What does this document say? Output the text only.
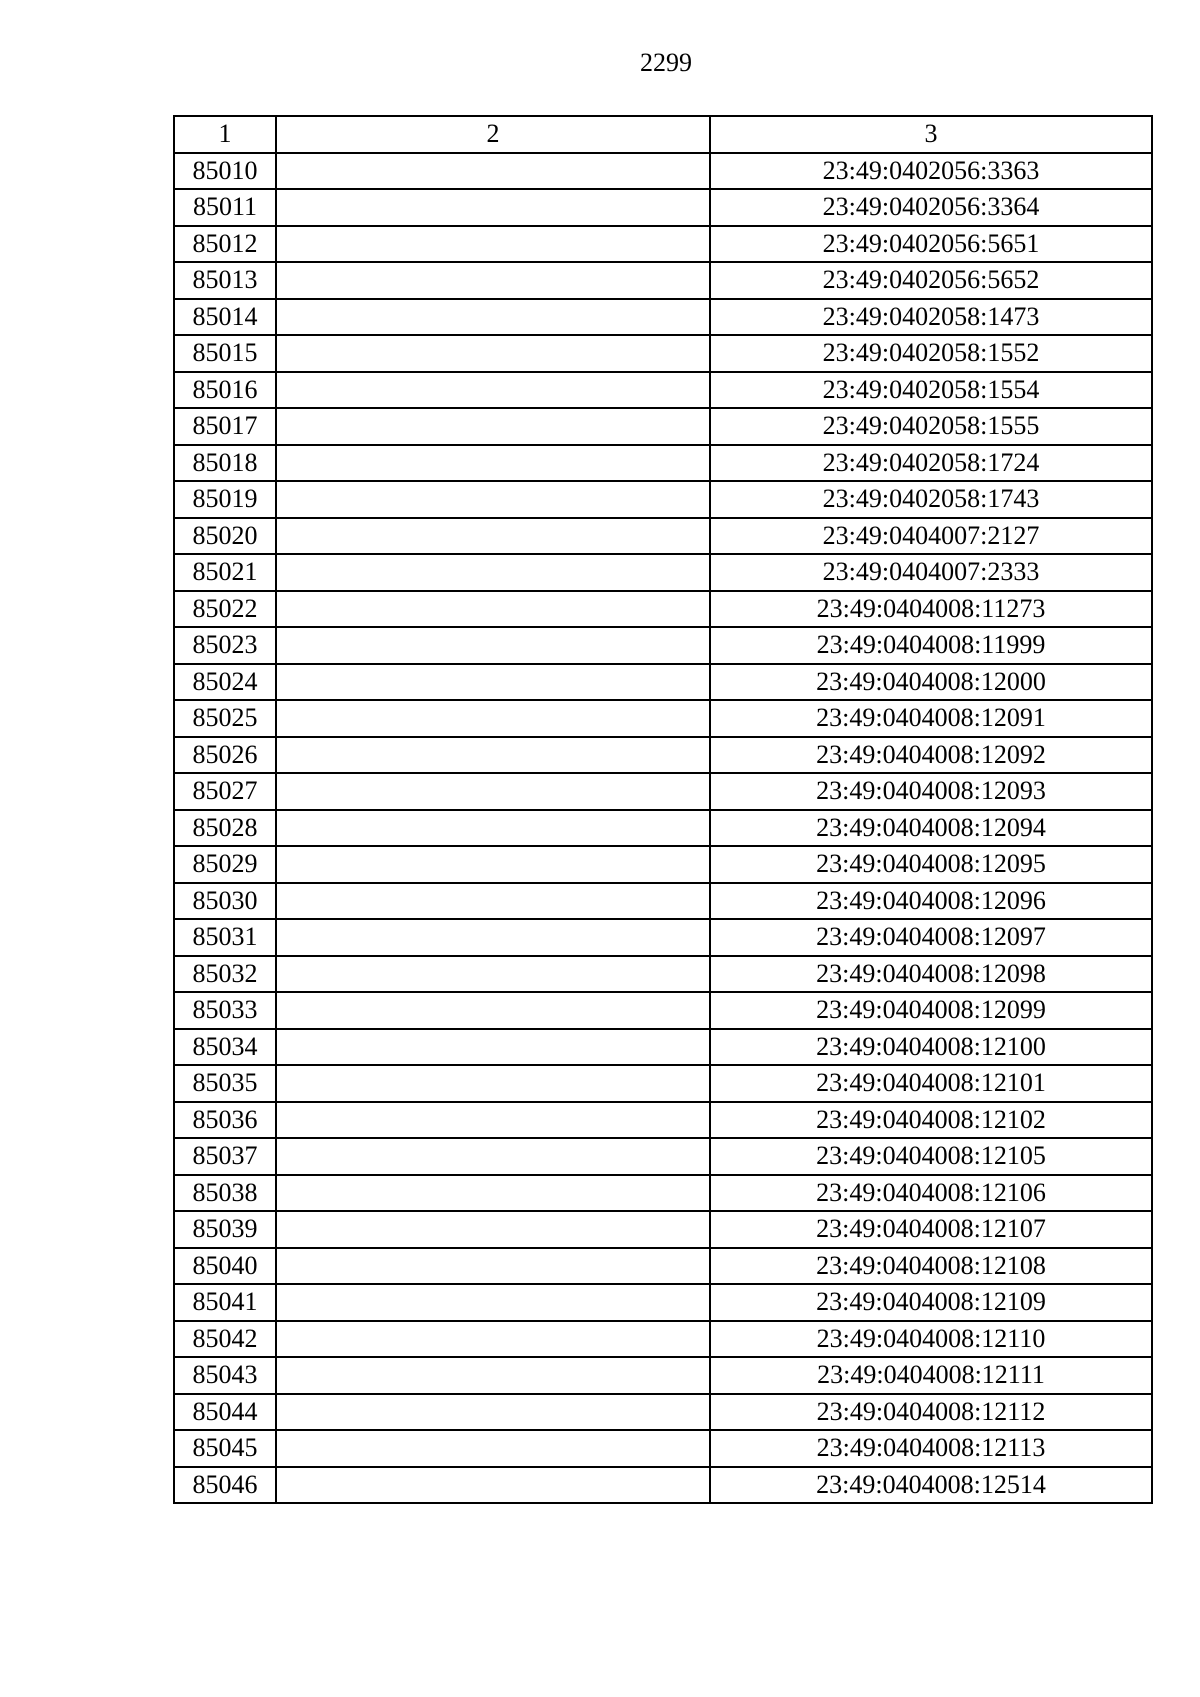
2299
1	2	3
85010		23:49:0402056:3363
85011		23:49:0402056:3364
85012		23:49:0402056:5651
85013		23:49:0402056:5652
85014		23:49:0402058:1473
85015		23:49:0402058:1552
85016		23:49:0402058:1554
85017		23:49:0402058:1555
85018		23:49:0402058:1724
85019		23:49:0402058:1743
85020		23:49:0404007:2127
85021		23:49:0404007:2333
85022		23:49:0404008:11273
85023		23:49:0404008:11999
85024		23:49:0404008:12000
85025		23:49:0404008:12091
85026		23:49:0404008:12092
85027		23:49:0404008:12093
85028		23:49:0404008:12094
85029		23:49:0404008:12095
85030		23:49:0404008:12096
85031		23:49:0404008:12097
85032		23:49:0404008:12098
85033		23:49:0404008:12099
85034		23:49:0404008:12100
85035		23:49:0404008:12101
85036		23:49:0404008:12102
85037		23:49:0404008:12105
85038		23:49:0404008:12106
85039		23:49:0404008:12107
85040		23:49:0404008:12108
85041		23:49:0404008:12109
85042		23:49:0404008:12110
85043		23:49:0404008:12111
85044		23:49:0404008:12112
85045		23:49:0404008:12113
85046		23:49:0404008:12514
